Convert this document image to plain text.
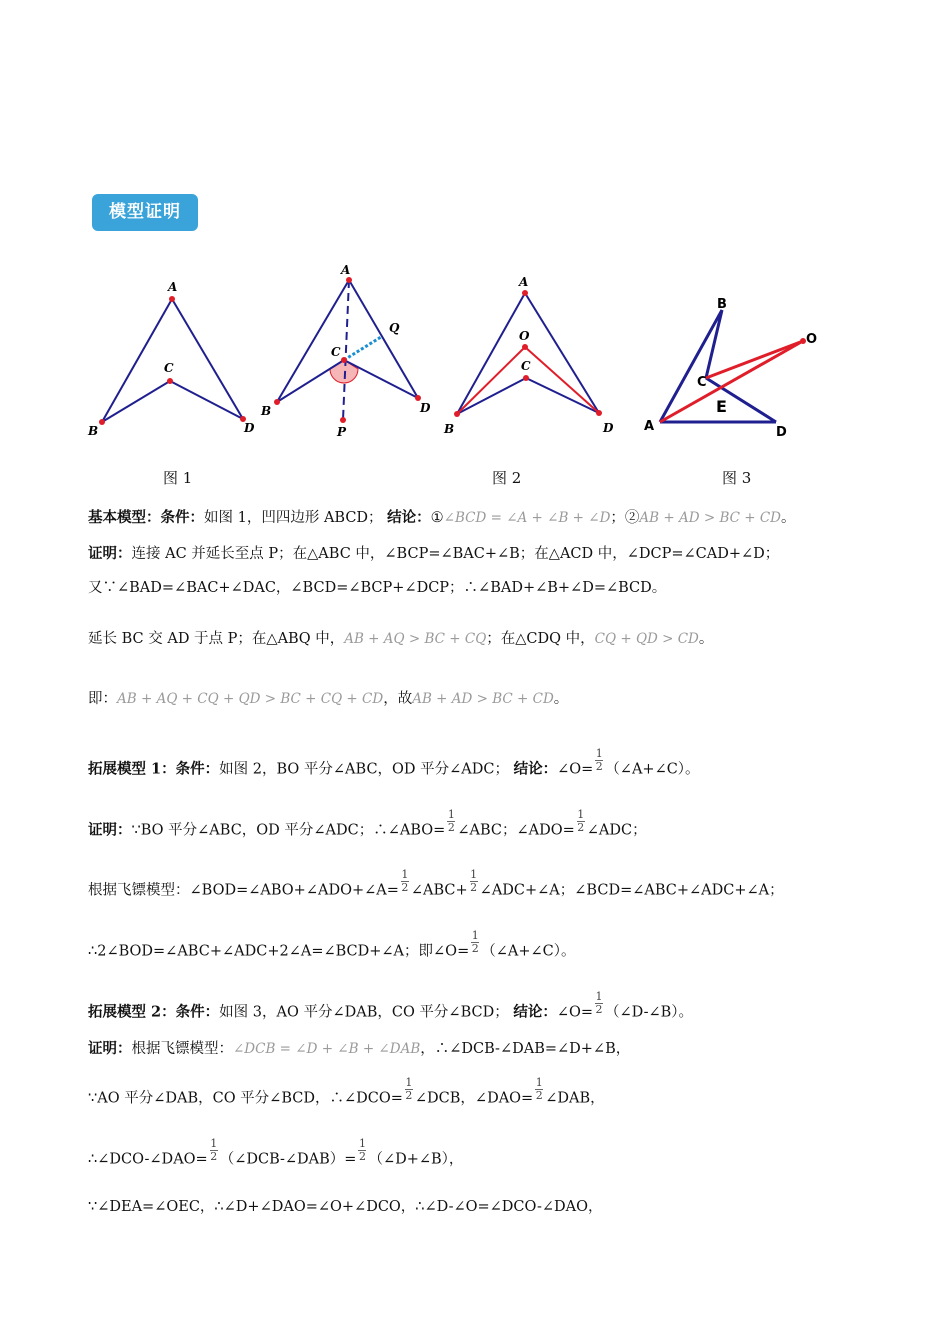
模型证明
A
B
C
D
A
B
C
D
Q
P
A
B
C
D
O
B
A
C
D
O
E
图 1	图 2	图 3
基本模型：条件：如图 1，凹四边形 ABCD； 结论：①∠BCD = ∠A + ∠B + ∠D；②AB + AD > BC + CD。
证明：连接 AC 并延长至点 P；在△ABC 中，∠BCP=∠BAC+∠B；在△ACD 中，∠DCP=∠CAD+∠D；
又∵∠BAD=∠BAC+∠DAC，∠BCD=∠BCP+∠DCP；∴∠BAD+∠B+∠D=∠BCD。
延长 BC 交 AD 于点 P；在△ABQ 中，AB + AQ > BC + CQ；在△CDQ 中，CQ + QD > CD。
即：AB + AQ + CQ + QD > BC + CQ + CD，故AB + AD > BC + CD。
拓展模型 1：条件：如图 2，BO 平分∠ABC，OD 平分∠ADC； 结论：∠O= $\frac{1}{2}$ （∠A+∠C）。
证明：∵BO 平分∠ABC，OD 平分∠ADC；∴∠ABO= $\frac{1}{2}$ ∠ABC；∠ADO= $\frac{1}{2}$ ∠ADC；
根据飞镖模型：∠BOD=∠ABO+∠ADO+∠A= $\frac{1}{2}$ ∠ABC+ $\frac{1}{2}$ ∠ADC+∠A；∠BCD=∠ABC+∠ADC+∠A；
∴2∠BOD=∠ABC+∠ADC+2∠A=∠BCD+∠A；即∠O= $\frac{1}{2}$ （∠A+∠C）。
拓展模型 2：条件：如图 3，AO 平分∠DAB，CO 平分∠BCD； 结论：∠O= $\frac{1}{2}$ （∠D-∠B）。
证明：根据飞镖模型：∠DCB = ∠D + ∠B + ∠DAB，∴∠DCB-∠DAB=∠D+∠B，
∵AO 平分∠DAB，CO 平分∠BCD，∴∠DCO= $\frac{1}{2}$ ∠DCB，∠DAO= $\frac{1}{2}$ ∠DAB，
∴∠DCO-∠DAO= $\frac{1}{2}$ （∠DCB-∠DAB）= $\frac{1}{2}$ （∠D+∠B），
∵∠DEA=∠OEC，∴∠D+∠DAO=∠O+∠DCO，∴∠D-∠O=∠DCO-∠DAO，
